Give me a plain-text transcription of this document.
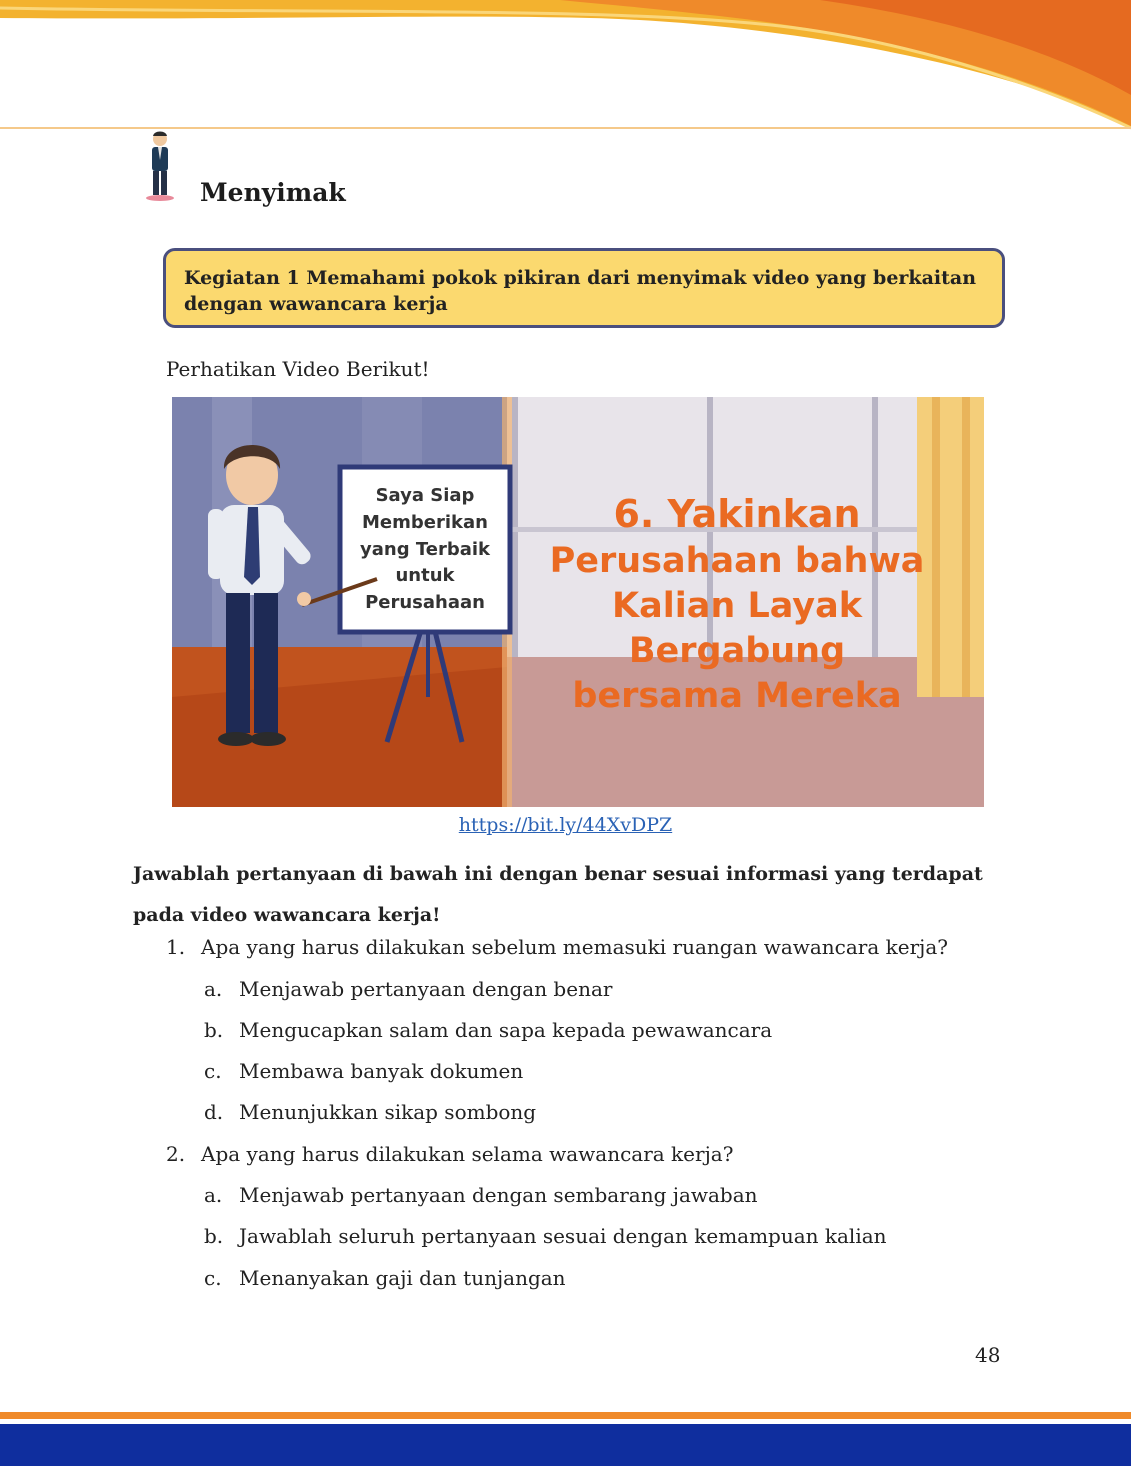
Menyimak
Kegiatan 1 Memahami pokok pikiran dari menyimak video yang berkaitan dengan wawancara kerja
Perhatikan Video Berikut!
Saya Siap
Memberikan
yang Terbaik
untuk
Perusahaan
6. Yakinkan
Perusahaan bahwa
Kalian Layak
Bergabung
bersama Mereka
https://bit.ly/44XvDPZ
Jawablah pertanyaan di bawah ini dengan benar sesuai informasi yang terdapat pada video wawancara kerja!
1. Apa yang harus dilakukan sebelum memasuki ruangan wawancara kerja?
a. Menjawab pertanyaan dengan benar
b. Mengucapkan salam dan sapa kepada pewawancara
c. Membawa banyak dokumen
d. Menunjukkan sikap sombong
2. Apa yang harus dilakukan selama wawancara kerja?
a. Menjawab pertanyaan dengan sembarang jawaban
b. Jawablah seluruh pertanyaan sesuai dengan kemampuan kalian
c. Menanyakan gaji dan tunjangan
48
